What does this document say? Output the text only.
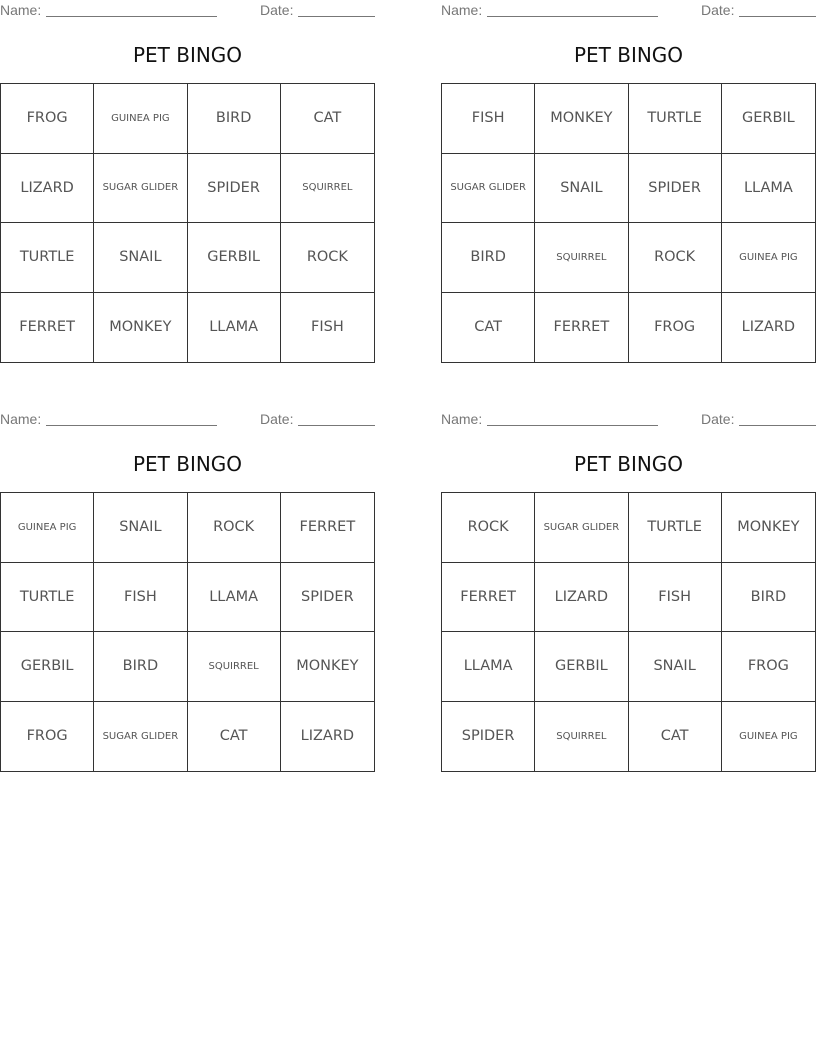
Name:	Date:
PET BINGO
FROG	GUINEA PIG	BIRD	CAT
LIZARD	SUGAR GLIDER	SPIDER	SQUIRREL
TURTLE	SNAIL	GERBIL	ROCK
FERRET	MONKEY	LLAMA	FISH
Name:	Date:
PET BINGO
FISH	MONKEY	TURTLE	GERBIL
SUGAR GLIDER	SNAIL	SPIDER	LLAMA
BIRD	SQUIRREL	ROCK	GUINEA PIG
CAT	FERRET	FROG	LIZARD
Name:	Date:
PET BINGO
GUINEA PIG	SNAIL	ROCK	FERRET
TURTLE	FISH	LLAMA	SPIDER
GERBIL	BIRD	SQUIRREL	MONKEY
FROG	SUGAR GLIDER	CAT	LIZARD
Name:	Date:
PET BINGO
ROCK	SUGAR GLIDER	TURTLE	MONKEY
FERRET	LIZARD	FISH	BIRD
LLAMA	GERBIL	SNAIL	FROG
SPIDER	SQUIRREL	CAT	GUINEA PIG
